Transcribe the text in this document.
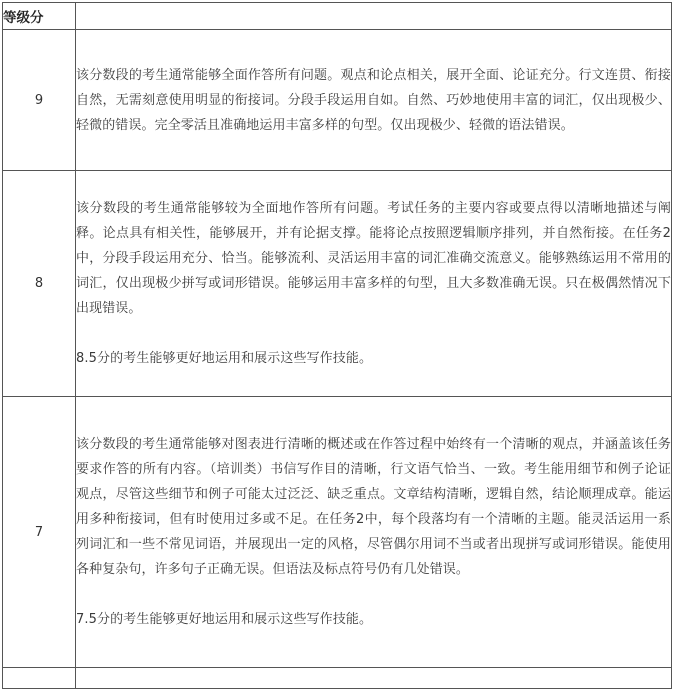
等级分	
9	该分数段的考生通常能够全面作答所有问题。观点和论点相关，展开全面、论证充分。行文连贯、衔接自然，无需刻意使用明显的衔接词。分段手段运用自如。自然、巧妙地使用丰富的词汇，仅出现极少、轻微的错误。完全零活且准确地运用丰富多样的句型。仅出现极少、轻微的语法错误。

8	该分数段的考生通常能够较为全面地作答所有问题。考试任务的主要内容或要点得以清晰地描述与阐释。论点具有相关性，能够展开，并有论据支撑。能将论点按照逻辑顺序排列，并自然衔接。在任务2中，分段手段运用充分、恰当。能够流利、灵活运用丰富的词汇准确交流意义。能够熟练运用不常用的词汇，仅出现极少拼写或词形错误。能够运用丰富多样的句型，且大多数准确无误。只在极偶然情况下出现错误。

8.5分的考生能够更好地运用和展示这些写作技能。

7	该分数段的考生通常能够对图表进行清晰的概述或在作答过程中始终有一个清晰的观点，并涵盖该任务要求作答的所有内容。（培训类）书信写作目的清晰，行文语气恰当、一致。考生能用细节和例子论证观点，尽管这些细节和例子可能太过泛泛、缺乏重点。文章结构清晰，逻辑自然，结论顺理成章。能运用多种衔接词，但有时使用过多或不足。在任务2中，每个段落均有一个清晰的主题。能灵活运用一系列词汇和一些不常见词语，并展现出一定的风格，尽管偶尔用词不当或者出现拼写或词形错误。能使用各种复杂句，许多句子正确无误。但语法及标点符号仍有几处错误。

7.5分的考生能够更好地运用和展示这些写作技能。
